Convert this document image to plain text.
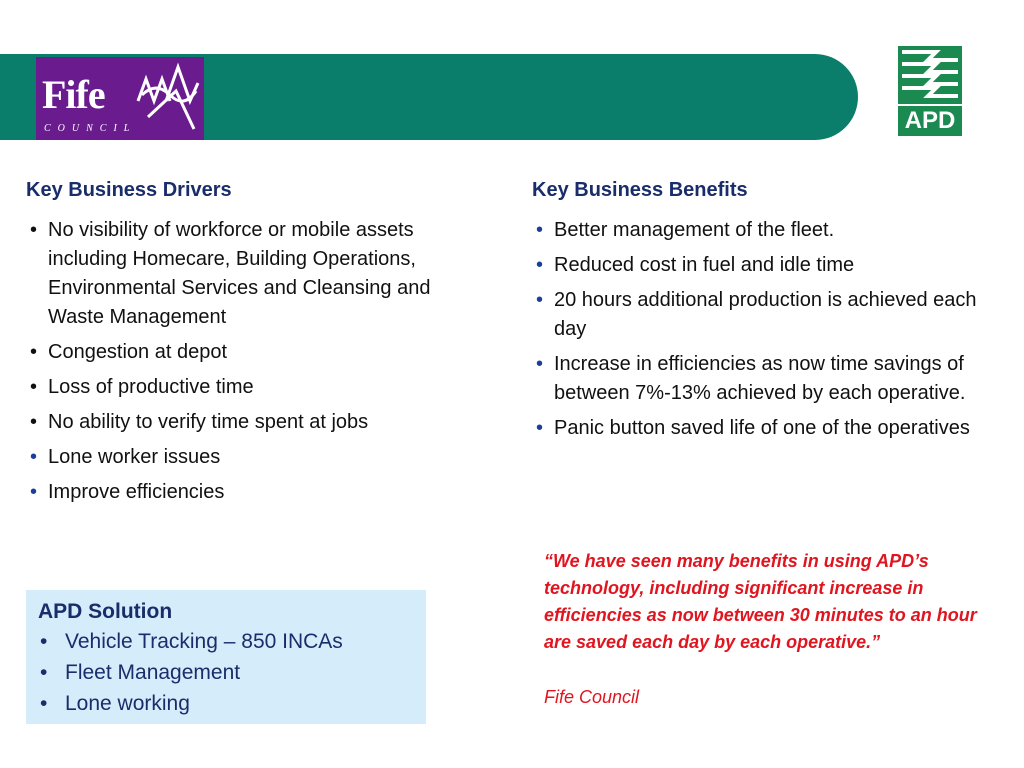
Fife
COUNCIL	APD
Key Business Drivers
• No visibility of workforce or mobile assets including Homecare, Building Operations, Environmental Services and Cleansing and Waste Management
• Congestion at depot
• Loss of productive time
• No ability to verify time spent at jobs
• Lone worker issues
• Improve efficiencies
Key Business Benefits
• Better management of the fleet.
• Reduced cost in fuel and idle time
• 20 hours additional production is achieved each day
• Increase in efficiencies as now time savings of between 7%-13% achieved by each operative.
• Panic button saved life of one of the operatives
APD Solution
• Vehicle Tracking – 850 INCAs
• Fleet Management
• Lone working
“We have seen many benefits in using APD’s technology, including significant increase in efficiencies as now between 30 minutes to an hour are saved each day by each operative.”
Fife Council
